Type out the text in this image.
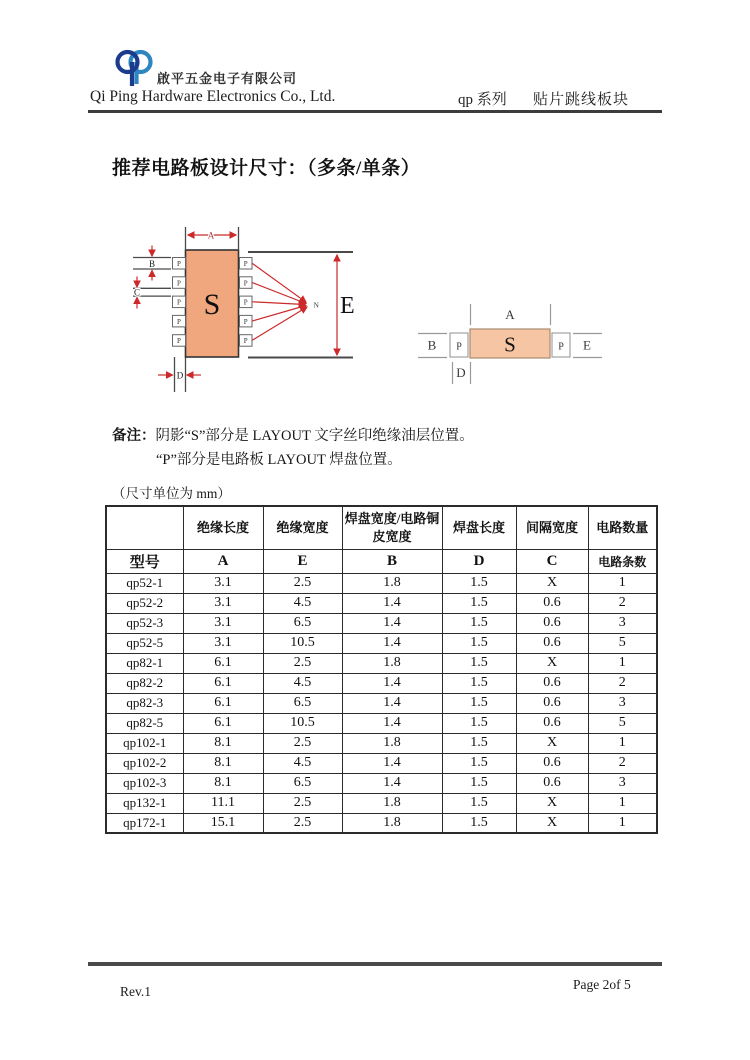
啟平五金电子有限公司
Qi Ping Hardware Electronics Co., Ltd.	qp 系列 贴片跳线板块
推荐电路板设计尺寸：（多条/单条）
S
P
P
P
P
P
P
P
P
P
P
A
B
C
D
E
N
S
P	P
A
B	E
D
备注：阴影“S”部分是 LAYOUT 文字丝印绝缘油层位置。
“P”部分是电路板 LAYOUT 焊盘位置。
（尺寸单位为 mm）
	绝缘长度	绝缘宽度	焊盘宽度/电路铜皮宽度	焊盘长度	间隔宽度	电路数量
型号	A	E	B	D	C	电路条数
qp52-1	3.1	2.5	1.8	1.5	X	1
qp52-2	3.1	4.5	1.4	1.5	0.6	2
qp52-3	3.1	6.5	1.4	1.5	0.6	3
qp52-5	3.1	10.5	1.4	1.5	0.6	5
qp82-1	6.1	2.5	1.8	1.5	X	1
qp82-2	6.1	4.5	1.4	1.5	0.6	2
qp82-3	6.1	6.5	1.4	1.5	0.6	3
qp82-5	6.1	10.5	1.4	1.5	0.6	5
qp102-1	8.1	2.5	1.8	1.5	X	1
qp102-2	8.1	4.5	1.4	1.5	0.6	2
qp102-3	8.1	6.5	1.4	1.5	0.6	3
qp132-1	11.1	2.5	1.8	1.5	X	1
qp172-1	15.1	2.5	1.8	1.5	X	1
Rev.1	Page 2of 5
